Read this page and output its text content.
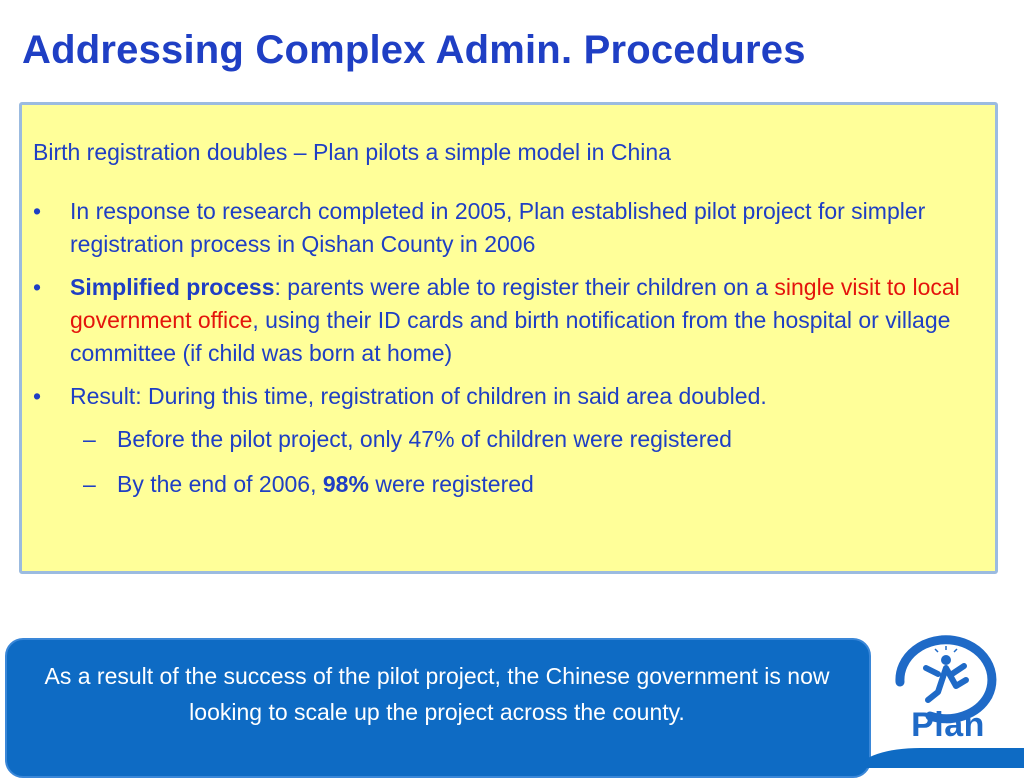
Addressing Complex Admin. Procedures
Birth registration doubles – Plan pilots a simple model in China
• In response to research completed in 2005, Plan established pilot project for simpler registration process in Qishan County in 2006
• Simplified process: parents were able to register their children on a single visit to local government office, using their ID cards and birth notification from the hospital or village committee (if child was born at home)
• Result: During this time, registration of children in said area doubled.
– Before the pilot project, only 47% of children were registered
– By the end of 2006, 98% were registered
As a result of the success of the pilot project, the Chinese government is now looking to scale up the project across the county.	Plan
